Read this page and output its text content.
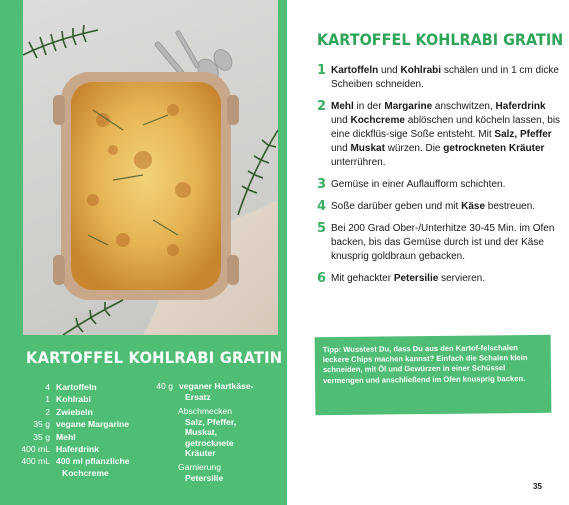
KARTOFFEL KOHLRABI GRATIN
4 Kartoffeln
1 Kohlrabi
2 Zwiebeln
35 g vegane Margarine
35 g Mehl
400 mL Haferdrink
400 mL 400 ml pflanzliche
Kochcreme
40 g veganer Hartkäse-
Ersatz
Abschmecken
Salz, Pfeffer,
Muskat,
getrocknete
Kräuter
Garnierung
Petersilie
KARTOFFEL KOHLRABI GRATIN
1 Kartoffeln und Kohlrabi schälen und in 1 cm dicke Scheiben schneiden.
2 Mehl in der Margarine anschwitzen, Haferdrink und Kochcreme ablöschen und köcheln lassen, bis eine dickflüs-sige Soße entsteht. Mit Salz, Pfeffer und Muskat würzen. Die getrockneten Kräuter unterrühren.
3 Gemüse in einer Auflaufform schichten.
4 Soße darüber geben und mit Käse bestreuen.
5 Bei 200 Grad Ober-/Unterhitze 30-45 Min. im Ofen backen, bis das Gemüse durch ist und der Käse knusprig goldbraun gebacken.
6 Mit gehackter Petersilie servieren.
Tipp: Wusstest Du, dass Du aus den Kartof-felschalen leckere Chips machen kannst? Einfach die Schalen klein schneiden, mit Öl und Gewürzen in einer Schüssel vermengen und anschließend im Ofen knusprig backen.
35
